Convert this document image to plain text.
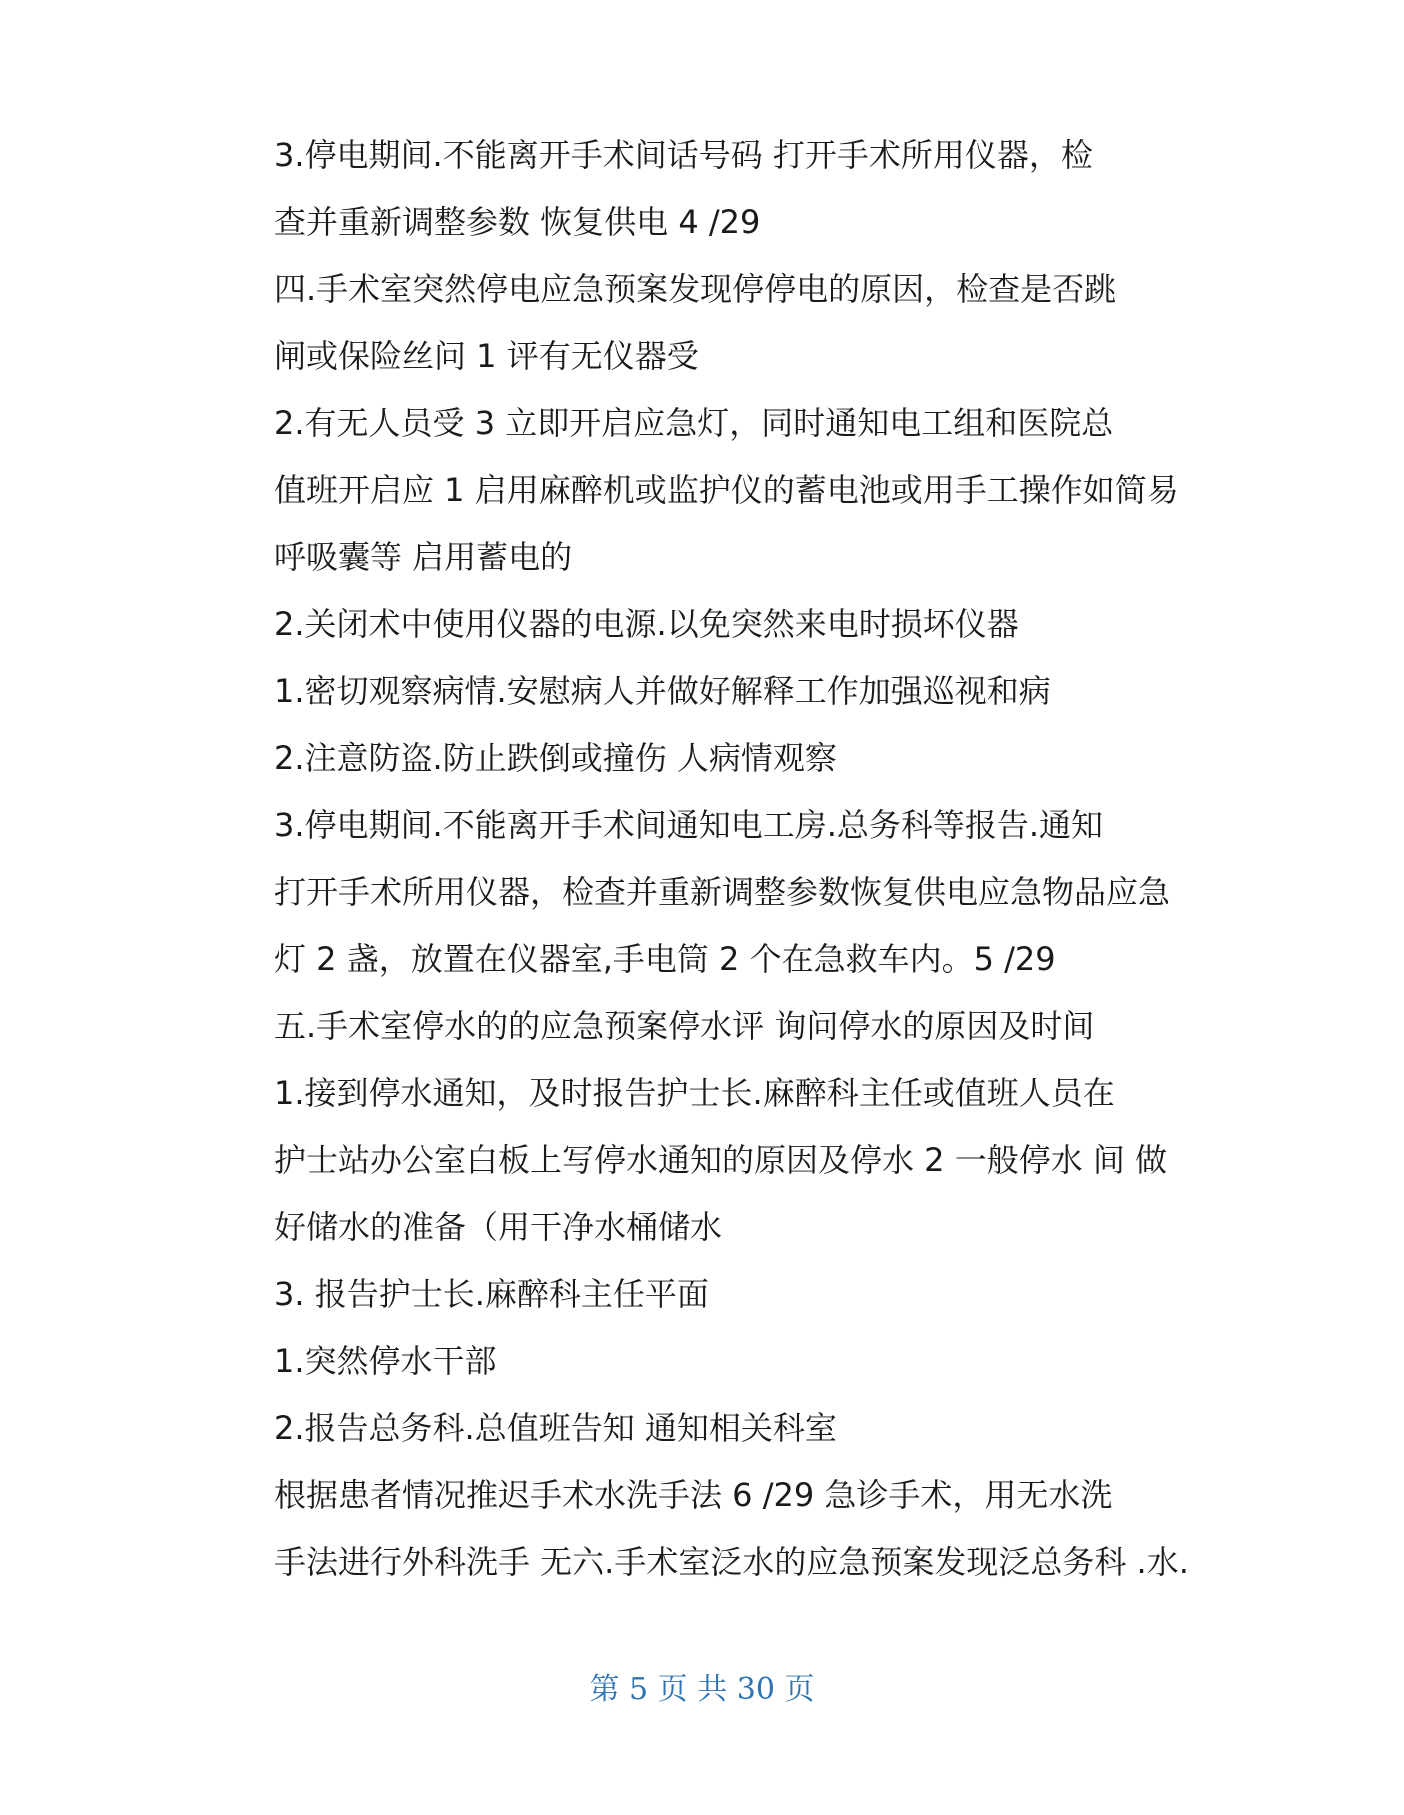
3.停电期间.不能离开手术间话号码 打开手术所用仪器，检
查并重新调整参数 恢复供电 4 /29

四.手术室突然停电应急预案发现停停电的原因，检查是否跳
闸或保险丝问 1 评有无仪器受

2.有无人员受 3 立即开启应急灯，同时通知电工组和医院总
值班开启应 1 启用麻醉机或监护仪的蓄电池或用手工操作如简易
呼吸囊等 启用蓄电的

2.关闭术中使用仪器的电源.以免突然来电时损坏仪器

1.密切观察病情.安慰病人并做好解释工作加强巡视和病

2.注意防盗.防止跌倒或撞伤 人病情观察

3.停电期间.不能离开手术间通知电工房.总务科等报告.通知
打开手术所用仪器，检查并重新调整参数恢复供电应急物品应急
灯 2 盏，放置在仪器室,手电筒 2 个在急救车内。5 /29

五.手术室停水的的应急预案停水评 询问停水的原因及时间

1.接到停水通知，及时报告护士长.麻醉科主任或值班人员在
护士站办公室白板上写停水通知的原因及停水 2 一般停水 间 做
好储水的准备（用干净水桶储水

3. 报告护士长.麻醉科主任平面

1.突然停水干部

2.报告总务科.总值班告知 通知相关科室

根据患者情况推迟手术水洗手法 6 /29 急诊手术，用无水洗
手法进行外科洗手 无六.手术室泛水的应急预案发现泛总务科 .水.

第 5 页 共 30 页
